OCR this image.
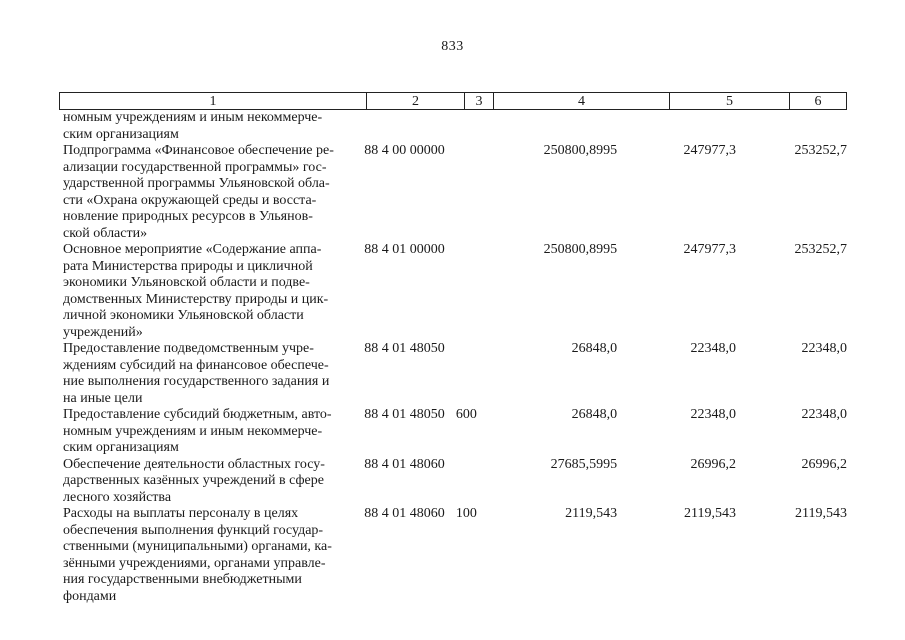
833
1	2	3	4	5	6
номным учреждениям и иным некоммерче-
ским организациям
Подпрограмма «Финансовое обеспечение ре-
ализации государственной программы» гос-
ударственной программы Ульяновской обла-
сти «Охрана окружающей среды и восста-
новление природных ресурсов в Ульянов-
ской области»
88 4 00 00000	250800,8995	247977,3	253252,7
Основное мероприятие «Содержание аппа-
рата Министерства природы и цикличной
экономики Ульяновской области и подве-
домственных Министерству природы и цик-
личной экономики Ульяновской области
учреждений»
88 4 01 00000	250800,8995	247977,3	253252,7
Предоставление подведомственным учре-
ждениям субсидий на финансовое обеспече-
ние выполнения государственного задания и
на иные цели
88 4 01 48050	26848,0	22348,0	22348,0
Предоставление субсидий бюджетным, авто-
номным учреждениям и иным некоммерче-
ским организациям
88 4 01 48050 600	26848,0	22348,0	22348,0
Обеспечение деятельности областных госу-
дарственных казённых учреждений в сфере
лесного хозяйства
88 4 01 48060	27685,5995	26996,2	26996,2
Расходы на выплаты персоналу в целях
обеспечения выполнения функций государ-
ственными (муниципальными) органами, ка-
зёнными учреждениями, органами управле-
ния государственными внебюджетными
фондами
88 4 01 48060 100	2119,543	2119,543	2119,543
